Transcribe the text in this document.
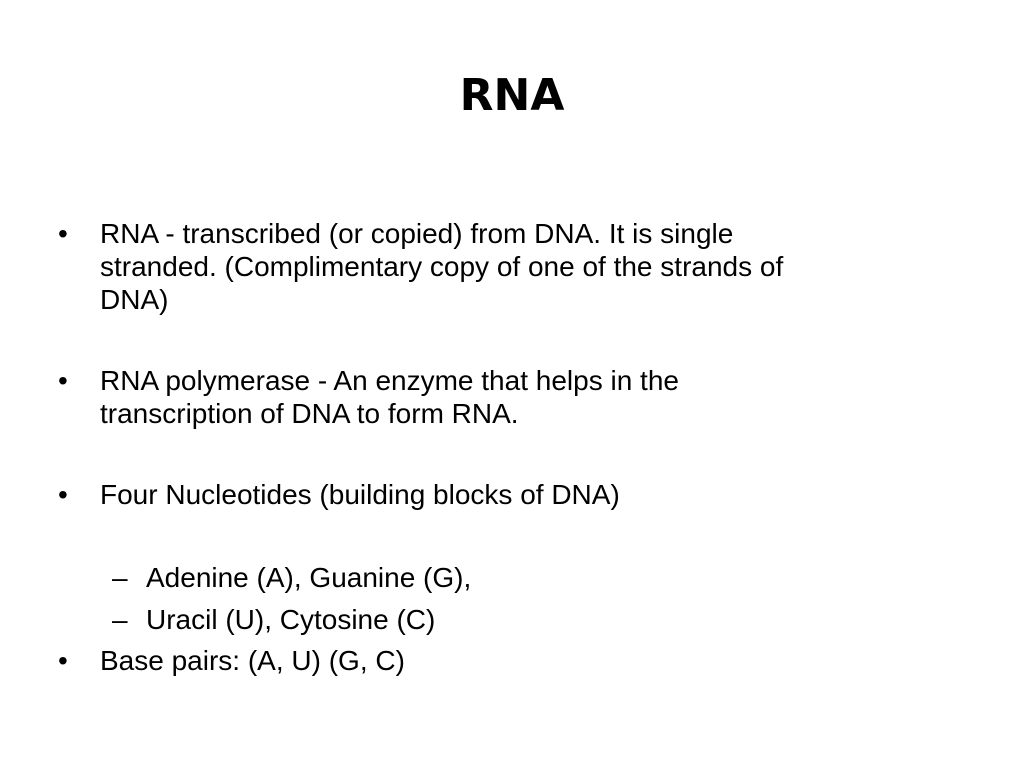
RNA
• RNA - transcribed (or copied) from DNA. It is single
stranded. (Complimentary copy of one of the strands of
DNA)
• RNA polymerase - An enzyme that helps in the
transcription of DNA to form RNA.
• Four Nucleotides (building blocks of DNA)
– Adenine (A), Guanine (G),
– Uracil (U), Cytosine (C)
• Base pairs: (A, U) (G, C)
